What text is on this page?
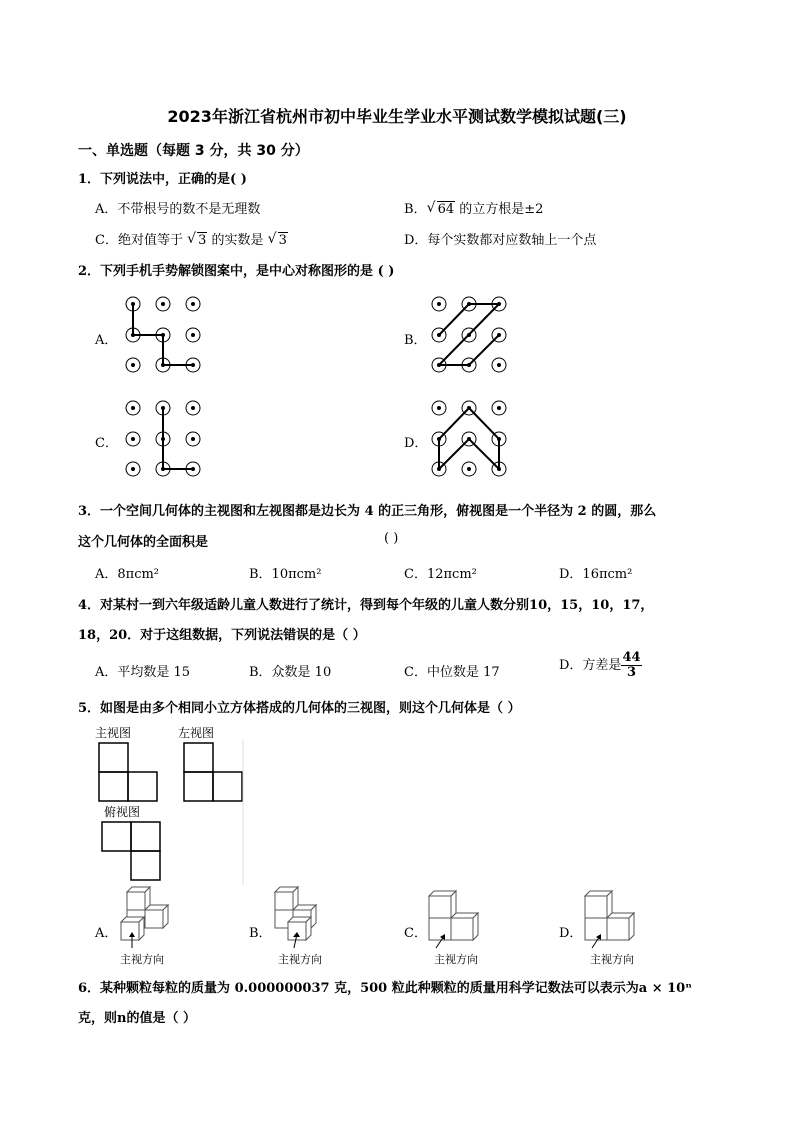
2023年浙江省杭州市初中毕业生学业水平测试数学模拟试题(三)
一、单选题（每题 3 分，共 30 分）
1．下列说法中，正确的是( )
A．不带根号的数不是无理数	B．√ 64 的立方根是±2
C．绝对值等于 √ 3 的实数是 √ 3	D．每个实数都对应数轴上一个点
2．下列手机手势解锁图案中，是中心对称图形的是 ( )
A．	B．
C．	D．
3．一个空间几何体的主视图和左视图都是边长为 4 的正三角形，俯视图是一个半径为 2 的圆，那么
这个几何体的全面积是	( )
A．8πcm²	B．10πcm²	C．12πcm²	D．16πcm²
4．对某村一到六年级适龄儿童人数进行了统计，得到每个年级的儿童人数分别10，15，10，17，
18，20．对于这组数据，下列说法错误的是（ ）
A．平均数是 15	B．众数是 10	C．中位数是 17	D．方差是 $\frac{44}{3}$
5．如图是由多个相同小立方体搭成的几何体的三视图，则这个几何体是（ ）
主视图	左视图
俯视图
A．	B．	C．	D．
主视方向	主视方向	主视方向	主视方向
6．某种颗粒每粒的质量为 0.000000037 克，500 粒此种颗粒的质量用科学记数法可以表示为a × 10ⁿ
克，则n的值是（ ）
